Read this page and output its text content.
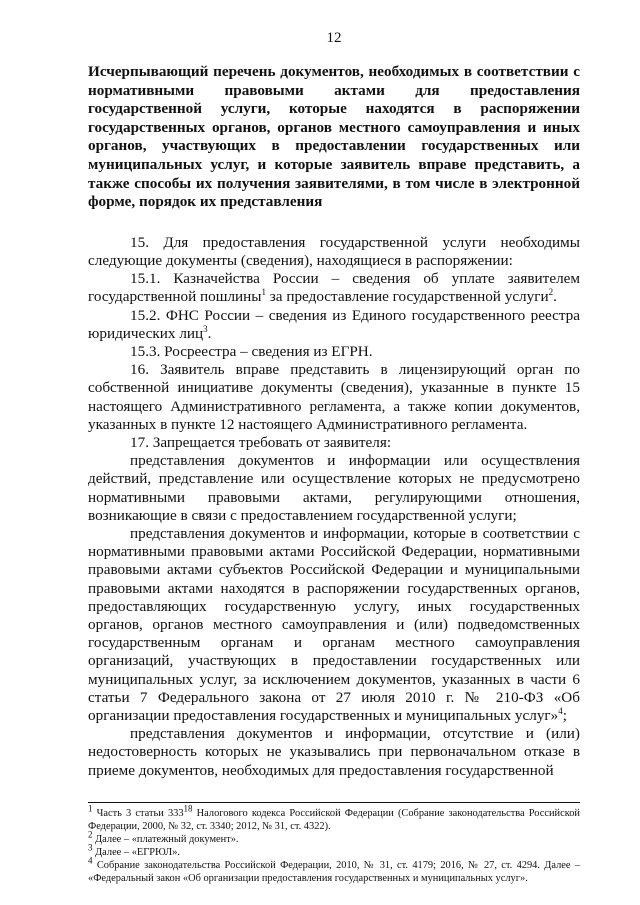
12
Исчерпывающий перечень документов, необходимых в соответствии с нормативными правовыми актами для предоставления государственной услуги, которые находятся в распоряжении государственных органов, органов местного самоуправления и иных органов, участвующих в предоставлении государственных или муниципальных услуг, и которые заявитель вправе представить, а также способы их получения заявителями, в том числе в электронной форме, порядок их представления

15. Для предоставления государственной услуги необходимы следующие документы (сведения), находящиеся в распоряжении:

15.1. Казначейства России – сведения об уплате заявителем государственной пошлины$^1$ за предоставление государственной услуги$^2$.

15.2. ФНС России – сведения из Единого государственного реестра юридических лиц$^3$.

15.3. Росреестра – сведения из ЕГРН.

16. Заявитель вправе представить в лицензирующий орган по собственной инициативе документы (сведения), указанные в пункте 15 настоящего Административного регламента, а также копии документов, указанных в пункте 12 настоящего Административного регламента.

17. Запрещается требовать от заявителя:

представления документов и информации или осуществления действий, представление или осуществление которых не предусмотрено нормативными правовыми актами, регулирующими отношения, возникающие в связи с предоставлением государственной услуги;

представления документов и информации, которые в соответствии с нормативными правовыми актами Российской Федерации, нормативными правовыми актами субъектов Российской Федерации и муниципальными правовыми актами находятся в распоряжении государственных органов, предоставляющих государственную услугу, иных государственных органов, органов местного самоуправления и (или) подведомственных государственным органам и органам местного самоуправления организаций, участвующих в предоставлении государственных или муниципальных услуг, за исключением документов, указанных в части 6 статьи 7 Федерального закона от 27 июля 2010 г. № 210-ФЗ «Об организации предоставления государственных и муниципальных услуг»$^4$;

представления документов и информации, отсутствие и (или) недостоверность которых не указывались при первоначальном отказе в приеме документов, необходимых для предоставления государственной

$^1$ Часть 3 статьи $333^{18}$ Налогового кодекса Российской Федерации (Собрание законодательства Российской Федерации, 2000, № 32, ст. 3340; 2012, № 31, ст. 4322).

$^2$ Далее – «платежный документ».

$^3$ Далее – «ЕГРЮЛ».

$^4$ Собрание законодательства Российской Федерации, 2010, № 31, ст. 4179; 2016, № 27, ст. 4294. Далее – «Федеральный закон «Об организации предоставления государственных и муниципальных услуг».
